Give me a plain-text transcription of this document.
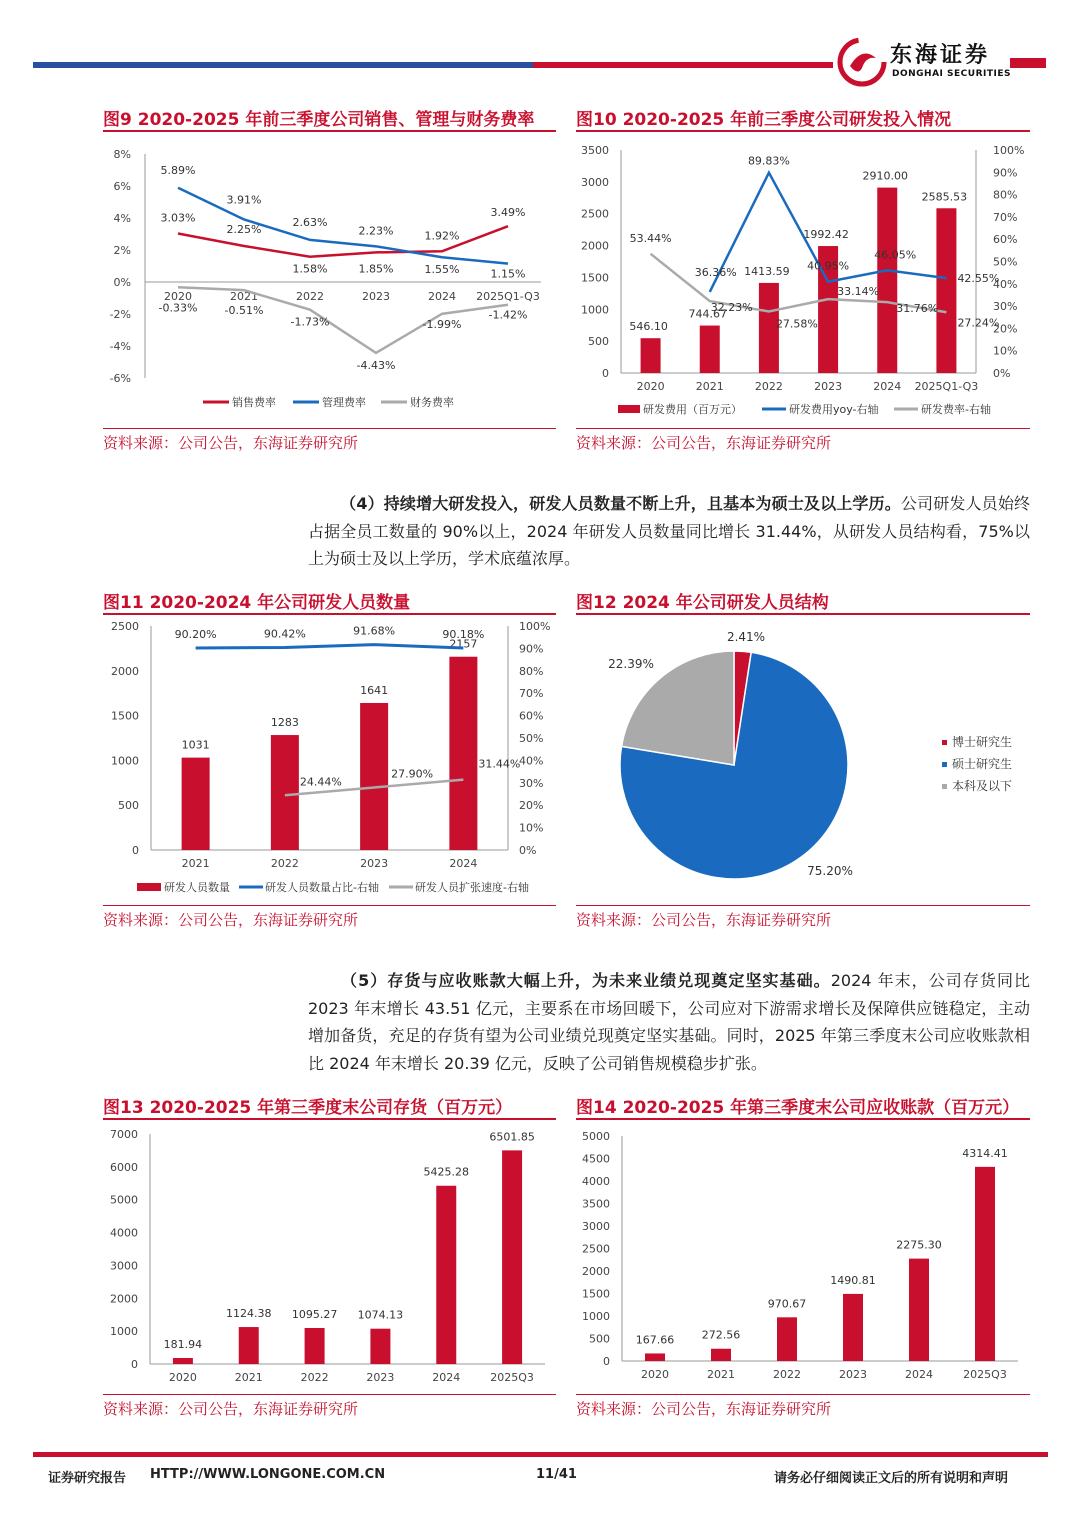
东海证券
DONGHAI SECURITIES
图9 2020-2025 年前三季度公司销售、管理与财务费率 图10 2020-2025 年前三季度公司研发投入情况
资料来源：公司公告，东海证券研究所	资料来源：公司公告，东海证券研究所
（4）持续增大研发投入，研发人员数量不断上升，且基本为硕士及以上学历。公司研发人员始终占据全员工数量的 90%以上，2024 年研发人员数量同比增长 31.44%，从研发人员结构看，75%以上为硕士及以上学历，学术底蕴浓厚。
图11 2020-2024 年公司研发人员数量	图12 2024 年公司研发人员结构
资料来源：公司公告，东海证券研究所	资料来源：公司公告，东海证券研究所
（5）存货与应收账款大幅上升，为未来业绩兑现奠定坚实基础。2024 年末，公司存货同比 2023 年末增长 43.51 亿元，主要系在市场回暖下，公司应对下游需求增长及保障供应链稳定，主动增加备货，充足的存货有望为公司业绩兑现奠定坚实基础。同时，2025 年第三季度末公司应收账款相比 2024 年末增长 20.39 亿元，反映了公司销售规模稳步扩张。
图13 2020-2025 年第三季度末公司存货（百万元）	图14 2020-2025 年第三季度末公司应收账款（百万元）
资料来源：公司公告，东海证券研究所	资料来源：公司公告，东海证券研究所
8%
6%
4%
2%
0%
-2%
-4%
-6%
2020	2021	2022	2023	2024 2025Q1-Q3
3.03%
2.25%
1.58%	1.85%
1.92%
3.49%
5.89%
3.91%
2.63%
2.23%
1.55%	1.15%
-0.33% -0.51%
-1.73%
-4.43%
-1.99%
-1.42%
销售费率	管理费率	财务费率
3500
3000
2500
2000
1500
1000
500
0
100%
90%
80%
70%
60%
50%
40%
30%
20%
10%
0%
2020	2021	2022	2023	2024 2025Q1-Q3
546.10
744.67
1413.59
1992.42
2910.00
2585.53
36.36%
89.83%
40.95%
46.05%
42.55%
53.44%
32.23%
27.58%
33.14%
31.76%
27.24%
研发费用（百万元）	研发费用yoy-右轴	研发费率-右轴
2500
2000
1500
1000
500
0
100%
90%
80%
70%
60%
50%
40%
30%
20%
10%
0%
2021	2022	2023	2024
1031
1283
1641
2157
90.20%	90.42%	91.68%	90.18%
24.44%
27.90%
31.44%
研发人员数量	研发人员数量占比-右轴	研发人员扩张速度-右轴
2.41%
75.20%
22.39%
博士研究生
硕士研究生
本科及以下
7000
6000
5000
4000
3000
2000
1000
0
2020	2021	2022	2023	2024	2025Q3
181.94
1124.38 1095.27 1074.13
5425.28
6501.85	5000
4500
4000
3500
3000
2500
2000
1500
1000
500
0
2020	2021	2022	2023	2024	2025Q3
167.66	272.56
970.67
1490.81
2275.30
4314.41
证券研究报告 HTTP://WWW.LONGONE.COM.CN	11/41	请务必仔细阅读正文后的所有说明和声明
